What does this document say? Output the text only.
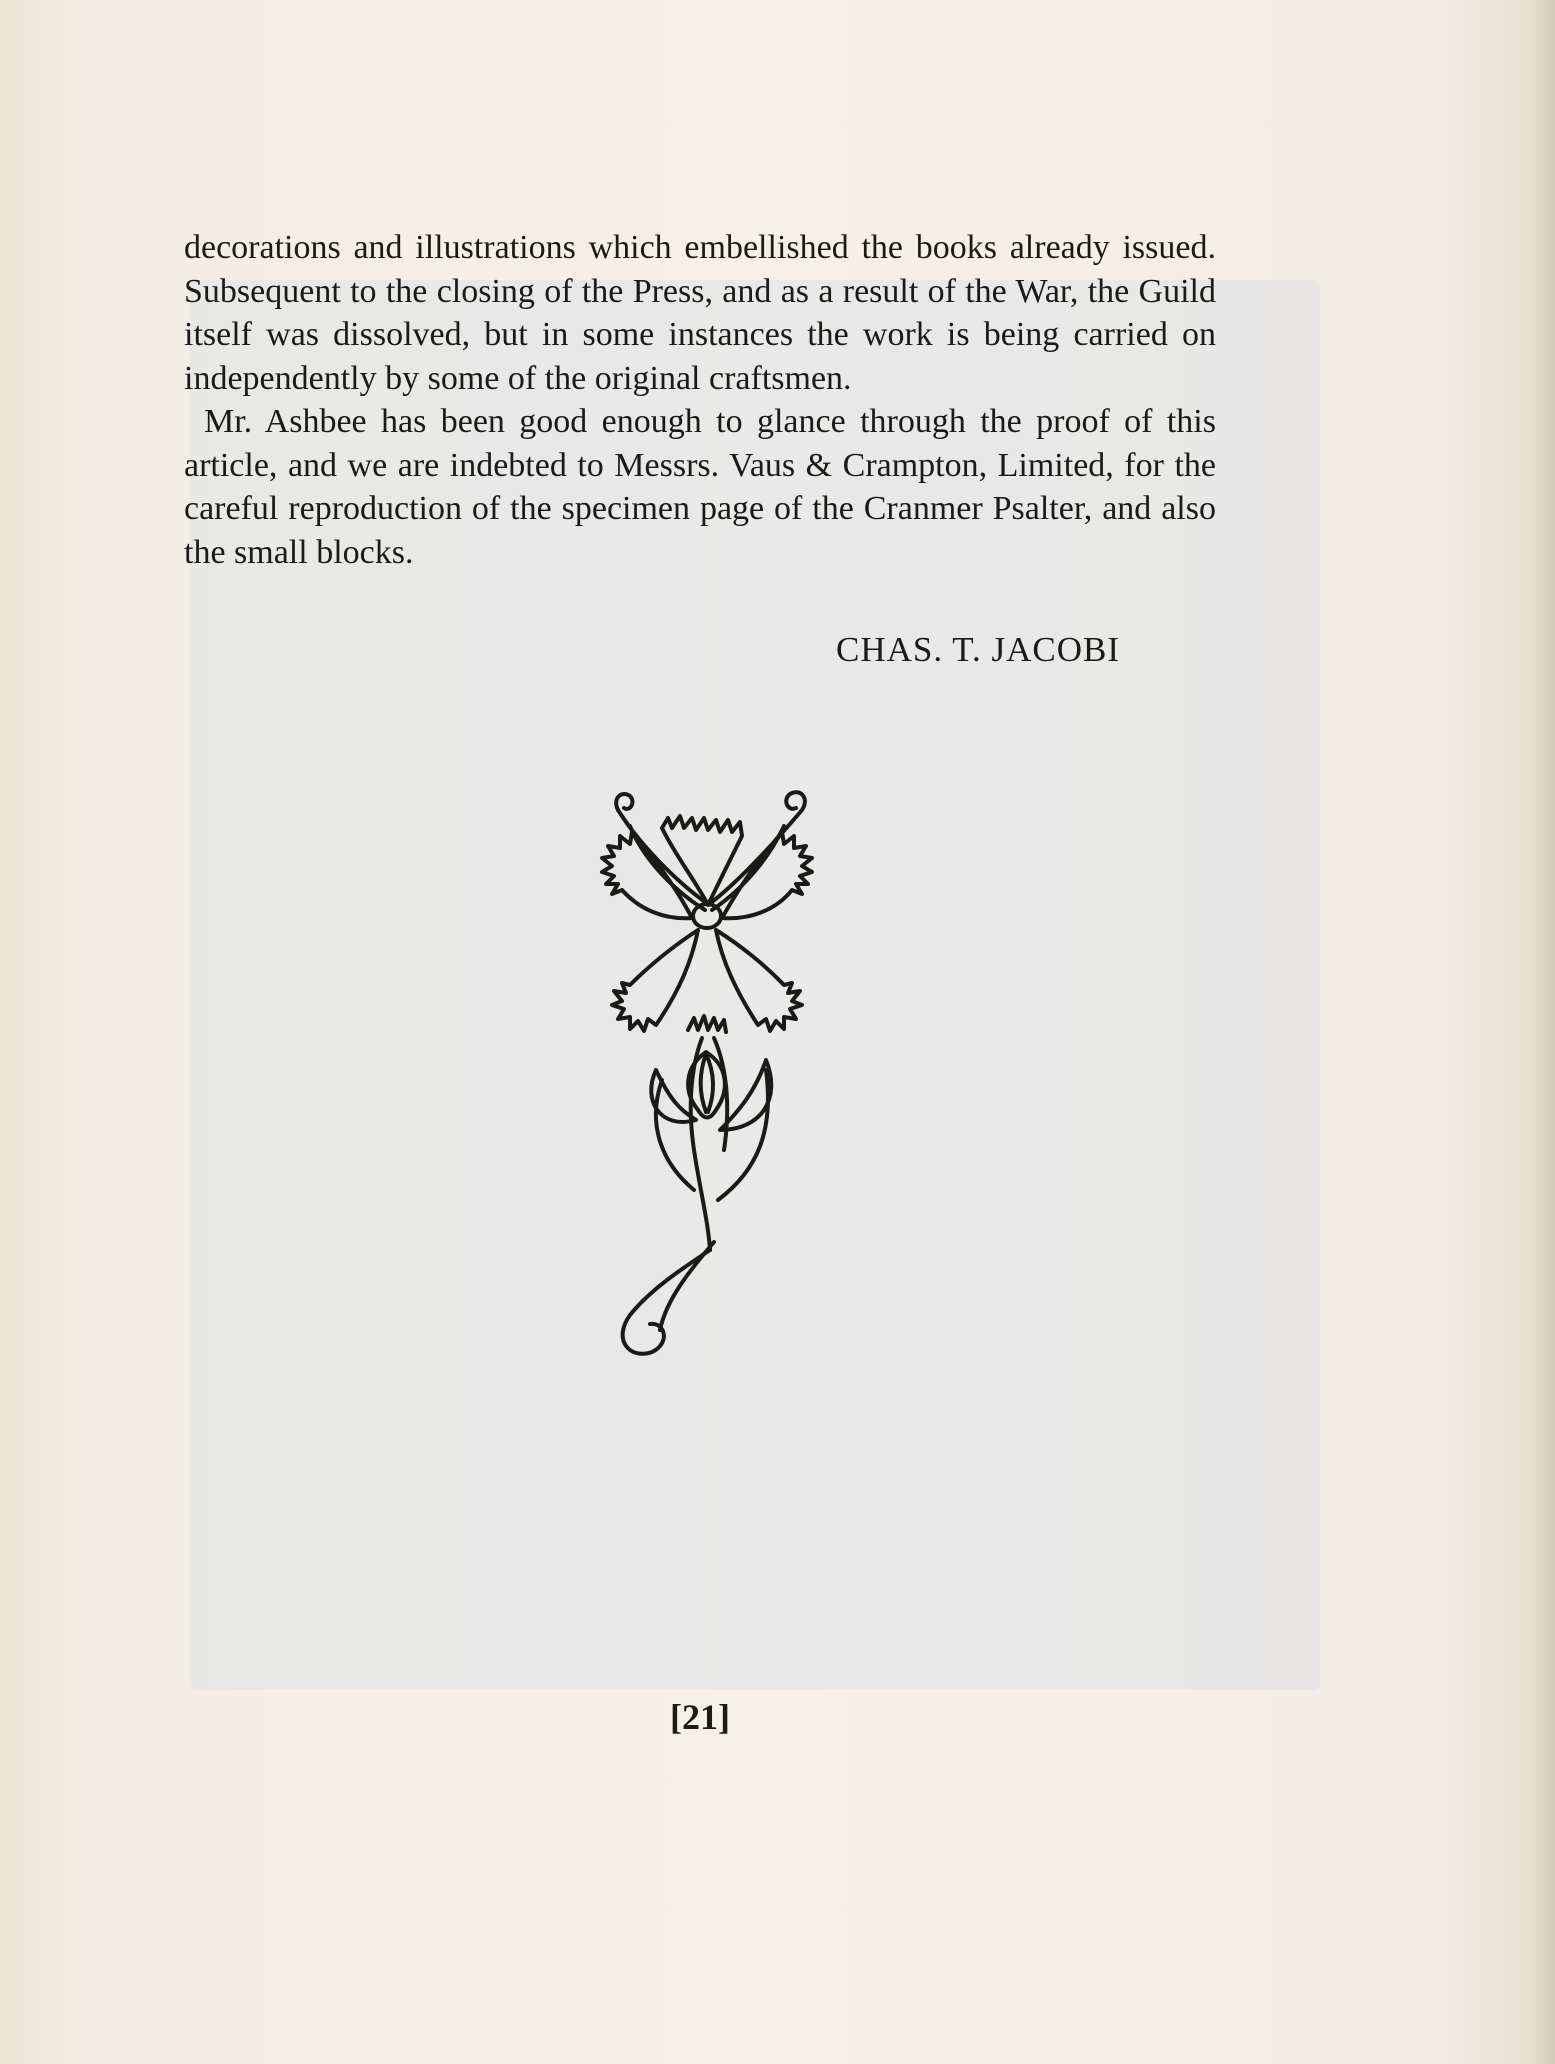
decorations and illustrations which embellished the books already issued. Subsequent to the closing of the Press, and as a result of the War, the Guild itself was dissolved, but in some instances the work is being carried on independently by some of the original craftsmen.

Mr. Ashbee has been good enough to glance through the proof of this article, and we are indebted to Messrs. Vaus & Crampton, Limited, for the careful reproduction of the specimen page of the Cranmer Psalter, and also the small blocks.

CHAS. T. JACOBI
[21]
